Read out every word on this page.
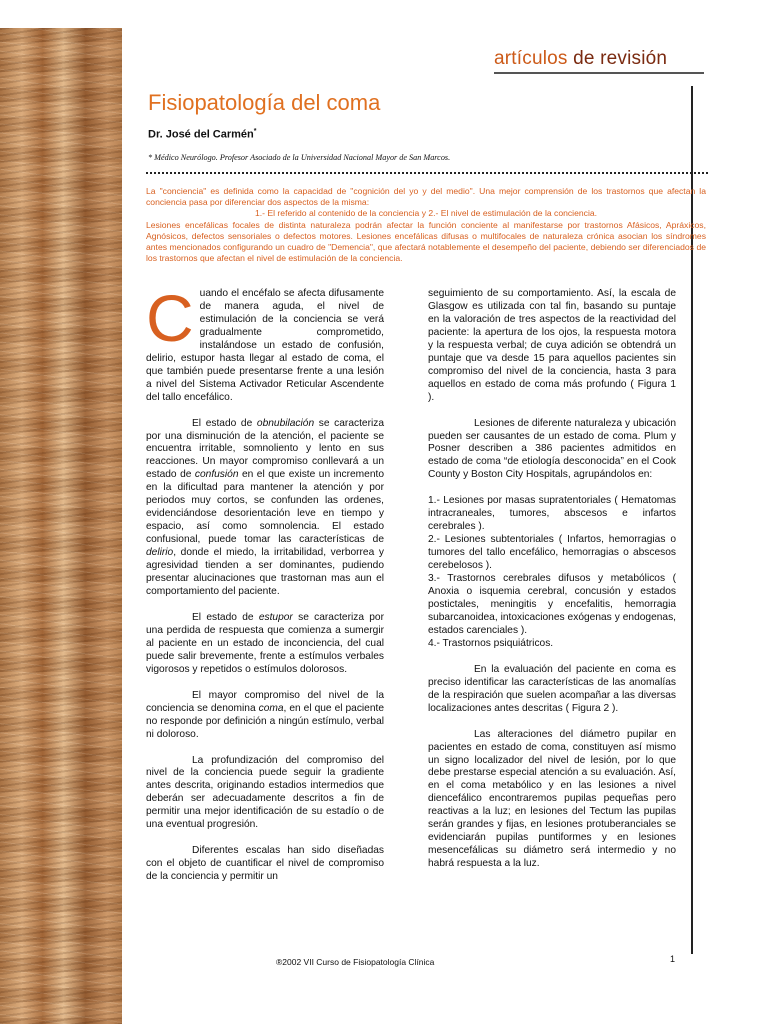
artículos de revisión
Fisiopatología del coma
Dr. José del Carmén*
* Médico Neurólogo. Profesor Asociado de la Universidad Nacional Mayor de San Marcos.

La "conciencia" es definida como la capacidad de "cognición del yo y del medio". Una mejor comprensión de los trastornos que afectan la conciencia pasa por diferenciar dos aspectos de la misma:

1.- El referido al contenido de la conciencia y 2.- El nivel de estimulación de la conciencia.

Lesiones encefálicas focales de distinta naturaleza podrán afectar la función conciente al manifestarse por trastornos Afásicos, Apráxicos, Agnósicos, defectos sensoriales o defectos motores. Lesiones encefálicas difusas o multifocales de naturaleza crónica asocian los síndromes antes mencionados configurando un cuadro de "Demencia", que afectará notablemente el desempeño del paciente, debiendo ser diferenciados de los trastornos que afectan el nivel de estimulación de la conciencia.

Cuando el encéfalo se afecta difusamente de manera aguda, el nivel de estimulación de la conciencia se verá gradualmente comprometido, instalándose un estado de confusión, delirio, estupor hasta llegar al estado de coma, el que también puede presentarse frente a una lesión a nivel del Sistema Activador Reticular Ascendente del tallo encefálico.

El estado de obnubilación se caracteriza por una disminución de la atención, el paciente se encuentra irritable, somnoliento y lento en sus reacciones. Un mayor compromiso conllevará a un estado de confusión en el que existe un incremento en la dificultad para mantener la atención y por periodos muy cortos, se confunden las ordenes, evidenciándose desorientación leve en tiempo y espacio, así como somnolencia. El estado confusional, puede tomar las características de delirio, donde el miedo, la irritabilidad, verborrea y agresividad tienden a ser dominantes, pudiendo presentar alucinaciones que trastornan mas aun el comportamiento del paciente.

El estado de estupor se caracteriza por una perdida de respuesta que comienza a sumergir al paciente en un estado de inconciencia, del cual puede salir brevemente, frente a estímulos verbales vigorosos y repetidos o estímulos dolorosos.

El mayor compromiso del nivel de la conciencia se denomina coma, en el que el paciente no responde por definición a ningún estímulo, verbal ni doloroso.

La profundización del compromiso del nivel de la conciencia puede seguir la gradiente antes descrita, originando estadios intermedios que deberán ser adecuadamente descritos a fin de permitir una mejor identificación de su estadío o de una eventual progresión.

Diferentes escalas han sido diseñadas con el objeto de cuantificar el nivel de compromiso de la conciencia y permitir un

seguimiento de su comportamiento. Así, la escala de Glasgow es utilizada con tal fin, basando su puntaje en la valoración de tres aspectos de la reactividad del paciente: la apertura de los ojos, la respuesta motora y la respuesta verbal; de cuya adición se obtendrá un puntaje que va desde 15 para aquellos pacientes sin compromiso del nivel de la conciencia, hasta 3 para aquellos en estado de coma más profundo ( Figura 1 ).

Lesiones de diferente naturaleza y ubicación pueden ser causantes de un estado de coma. Plum y Posner describen a 386 pacientes admitidos en estado de coma “de etiología desconocida” en el Cook County y Boston City Hospitals, agrupándolos en:

1.- Lesiones por masas supratentoriales ( Hematomas intracraneales, tumores, abscesos e infartos cerebrales ).

2.- Lesiones subtentoriales ( Infartos, hemorragias o tumores del tallo encefálico, hemorragias o abscesos cerebelosos ).

3.- Trastornos cerebrales difusos y metabólicos ( Anoxia o isquemia cerebral, concusión y estados postictales, meningitis y encefalitis, hemorragia subarcanoidea, intoxicaciones exógenas y endogenas, estados carenciales ).

4.- Trastornos psiquiátricos.

En la evaluación del paciente en coma es preciso identificar las características de las anomalías de la respiración que suelen acompañar a las diversas localizaciones antes descritas ( Figura 2 ).

Las alteraciones del diámetro pupilar en pacientes en estado de coma, constituyen así mismo un signo localizador del nivel de lesión, por lo que debe prestarse especial atención a su evaluación. Así, en el coma metabólico y en las lesiones a nivel diencefálico encontraremos pupilas pequeñas pero reactivas a la luz; en lesiones del Tectum las pupilas serán grandes y fijas, en lesiones protuberanciales se evidenciarán pupilas puntiformes y en lesiones mesencefálicas su diámetro será intermedio y no habrá respuesta a la luz.

®2002 VII Curso de Fisiopatología Clínica	1
